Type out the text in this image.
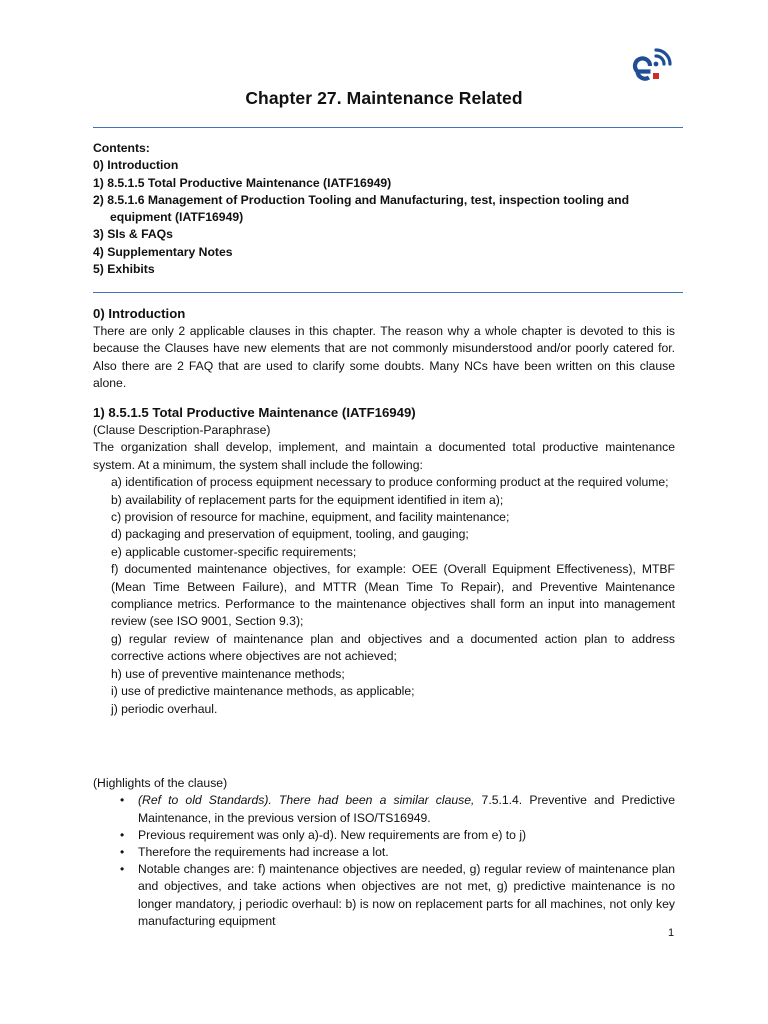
Chapter 27. Maintenance Related

Contents:

0) Introduction

1) 8.5.1.5 Total Productive Maintenance (IATF16949)

2) 8.5.1.6 Management of Production Tooling and Manufacturing, test, inspection tooling and equipment (IATF16949)

3) SIs & FAQs

4) Supplementary Notes

5) Exhibits

0) Introduction

There are only 2 applicable clauses in this chapter. The reason why a whole chapter is devoted to this is because the Clauses have new elements that are not commonly misunderstood and/or poorly catered for. Also there are 2 FAQ that are used to clarify some doubts. Many NCs have been written on this clause alone.

1) 8.5.1.5 Total Productive Maintenance (IATF16949)

(Clause Description-Paraphrase)

The organization shall develop, implement, and maintain a documented total productive maintenance system. At a minimum, the system shall include the following:

a) identification of process equipment necessary to produce conforming product at the required volume;

b) availability of replacement parts for the equipment identified in item a);

c) provision of resource for machine, equipment, and facility maintenance;

d) packaging and preservation of equipment, tooling, and gauging;

e) applicable customer-specific requirements;

f) documented maintenance objectives, for example: OEE (Overall Equipment Effectiveness), MTBF (Mean Time Between Failure), and MTTR (Mean Time To Repair), and Preventive Maintenance compliance metrics. Performance to the maintenance objectives shall form an input into management review (see ISO 9001, Section 9.3);

g) regular review of maintenance plan and objectives and a documented action plan to address corrective actions where objectives are not achieved;

h) use of preventive maintenance methods;

i) use of predictive maintenance methods, as applicable;

j) periodic overhaul.

(Highlights of the clause)

• (Ref to old Standards). There had been a similar clause, 7.5.1.4. Preventive and Predictive Maintenance, in the previous version of ISO/TS16949.

• Previous requirement was only a)-d). New requirements are from e) to j)

• Therefore the requirements had increase a lot.

• Notable changes are: f) maintenance objectives are needed, g) regular review of maintenance plan and objectives, and take actions when objectives are not met, g) predictive maintenance is no longer mandatory, j periodic overhaul: b) is now on replacement parts for all machines, not only key manufacturing equipment

1
